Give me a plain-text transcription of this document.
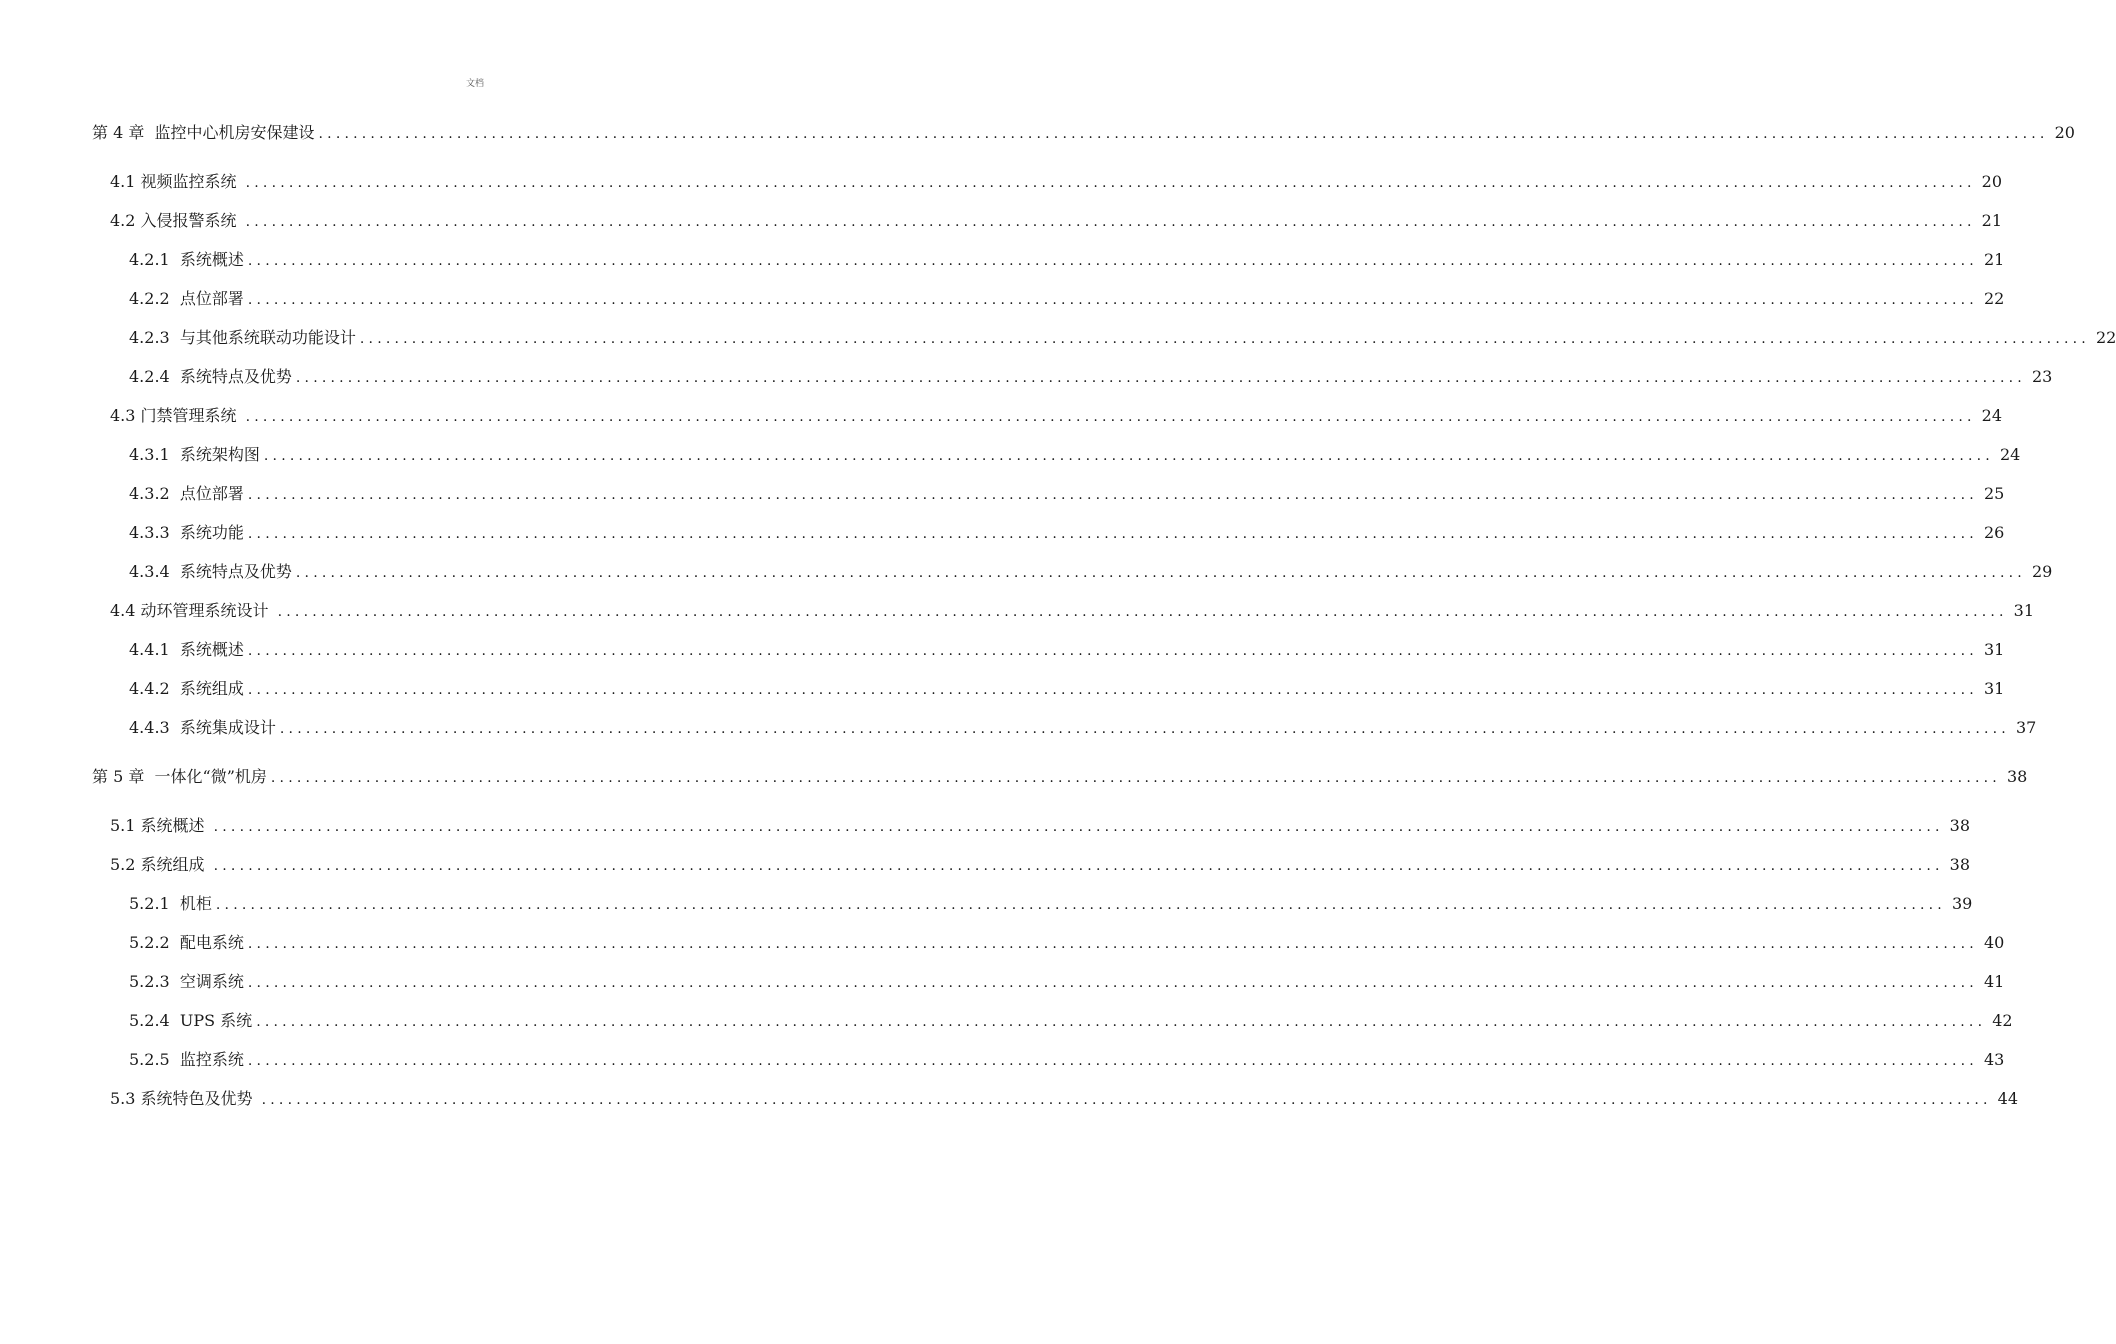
文档
第 4 章  监控中心机房安保建设 ........................................................................................................................................................................................................ 20
4.1 视频监控系统 ........................................................................................................................................................................................................ 20
4.2 入侵报警系统 ........................................................................................................................................................................................................ 21
4.2.1  系统概述 ........................................................................................................................................................................................................ 21
4.2.2  点位部署 ........................................................................................................................................................................................................ 22
4.2.3  与其他系统联动功能设计 ........................................................................................................................................................................................................ 22
4.2.4  系统特点及优势 ........................................................................................................................................................................................................ 23
4.3 门禁管理系统 ........................................................................................................................................................................................................ 24
4.3.1  系统架构图 ........................................................................................................................................................................................................ 24
4.3.2  点位部署 ........................................................................................................................................................................................................ 25
4.3.3  系统功能 ........................................................................................................................................................................................................ 26
4.3.4  系统特点及优势 ........................................................................................................................................................................................................ 29
4.4 动环管理系统设计 ........................................................................................................................................................................................................ 31
4.4.1  系统概述 ........................................................................................................................................................................................................ 31
4.4.2  系统组成 ........................................................................................................................................................................................................ 31
4.4.3  系统集成设计 ........................................................................................................................................................................................................ 37
第 5 章  一体化“微”机房 ........................................................................................................................................................................................................ 38
5.1 系统概述 ........................................................................................................................................................................................................ 38
5.2 系统组成 ........................................................................................................................................................................................................ 38
5.2.1  机柜 ........................................................................................................................................................................................................ 39
5.2.2  配电系统 ........................................................................................................................................................................................................ 40
5.2.3  空调系统 ........................................................................................................................................................................................................ 41
5.2.4  UPS 系统 ........................................................................................................................................................................................................ 42
5.2.5  监控系统 ........................................................................................................................................................................................................ 43
5.3 系统特色及优势 ........................................................................................................................................................................................................ 44
